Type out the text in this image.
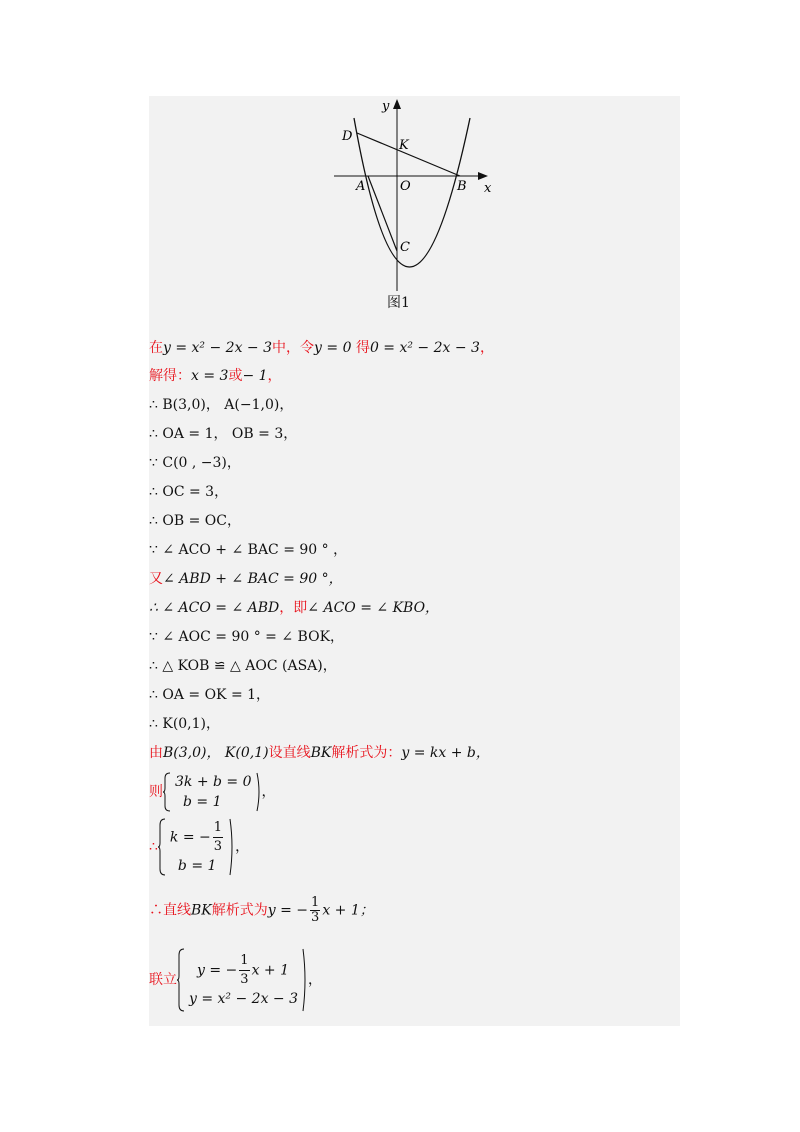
y
x
D
K
A	O	B
C
图1
在y = x² − 2x − 3中，令y = 0 得0 = x² − 2x − 3，
解得：x = 3或− 1，
∴ B(3,0)， A(−1,0)，
∴ OA = 1， OB = 3，
∵ C(0 , −3)，
∴ OC = 3，
∴ OB = OC，
∵ ∠ ACO + ∠ BAC = 90 ° ，
又∠ ABD + ∠ BAC = 90 °，
∴ ∠ ACO = ∠ ABD，即∠ ACO = ∠ KBO，
∵ ∠ AOC = 90 ° = ∠ BOK，
∴ △ KOB ≌ △ AOC (ASA)，
∴ OA = OK = 1，
∴ K(0,1)，
由B(3,0)， K(0,1)设直线BK解析式为：y = kx + b，
则
3k + b = 0
b = 1
，
∴
k = − $\frac{1}{3}$
b = 1
，
∴直线BK解析式为y = − $\frac{1}{3}$ x + 1；
联立
y = − $\frac{1}{3}$ x + 1
y = x² − 2x − 3
，
